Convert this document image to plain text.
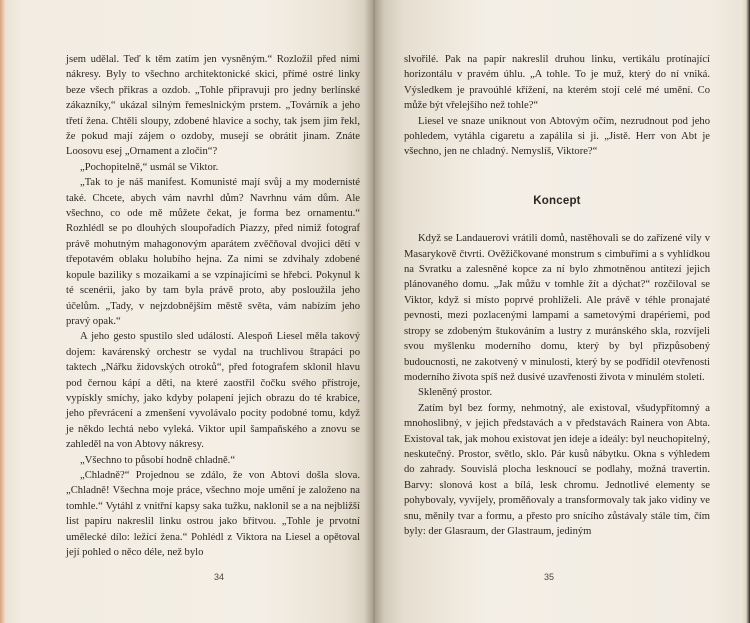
jsem udělal. Teď k těm zatím jen vysněným.“ Rozložil před nimi nákresy. Byly to všechno architektonické skici, přímé ostré linky beze všech přikras a ozdob. „Tohle připravuji pro jedny berlínské zákazníky,“ ukázal silným řemeslnickým prstem. „Továrník a jeho třetí žena. Chtěli sloupy, zdobené hlavice a sochy, tak jsem jim řekl, že pokud mají zájem o ozdoby, musejí se obrátit jinam. Znáte Loosovu esej „Ornament a zločin“?

„Pochopitelně,“ usmál se Viktor.

„Tak to je náš manifest. Komunisté mají svůj a my modernisté také. Chcete, abych vám navrhl dům? Navrhnu vám dům. Ale všechno, co ode mě můžete čekat, je forma bez ornamentu.“ Rozhlédl se po dlouhých sloupořadích Piazzy, před nimiž fotograf právě mohutným mahagonovým aparátem zvěčňoval dvojici dětí v třepotavém oblaku holubího hejna. Za nimi se zdvihaly zdobené kopule baziliky s mozaikami a se vzpínajícími se hřebci. Pokynul k té scenérii, jako by tam byla právě proto, aby posloužila jeho účelům. „Tady, v nejzdobnějším městě světa, vám nabízím jeho pravý opak.“

A jeho gesto spustilo sled událostí. Alespoň Liesel měla takový dojem: kavárenský orchestr se vydal na truchlivou štrapáci po taktech „Nářku židovských otroků“, před fotografem sklonil hlavu pod černou kápí a děti, na které zaostřil čočku svého přístroje, vypískly smíchy, jako kdyby polapení jejich obrazu do té krabice, jeho převrácení a zmenšení vyvolávalo pocity podobné tomu, když je někdo lechtá nebo vyleká. Viktor upil šampaňského a znovu se zahleděl na von Abtovy nákresy.

„Všechno to působí hodně chladně.“

„Chladně?“ Projednou se zdálo, že von Abtovi došla slova. „Chladně! Všechna moje práce, všechno moje umění je založeno na tomhle.“ Vytáhl z vnitřní kapsy saka tužku, naklonil se a na nejbližší list papíru nakreslil linku ostrou jako břitvou. „Tohle je prvotní umělecké dílo: ležící žena.“ Pohlédl z Viktora na Liesel a opětoval její pohled o něco déle, než bylo

34

slvořilé. Pak na papír nakreslil druhou linku, vertikálu protínající horizontálu v pravém úhlu. „A tohle. To je muž, který do ní vniká. Výsledkem je pravoúhlé křížení, na kterém stojí celé mé umění. Co může být vřelejšího než tohle?“

Liesel ve snaze uniknout von Abtovým očím, nezrudnout pod jeho pohledem, vytáhla cigaretu a zapálila si ji. „Jistě. Herr von Abt je všechno, jen ne chladný. Nemyslíš, Viktore?“

Koncept

Když se Landauerovi vrátili domů, nastěhovali se do zařízené vily v Masarykově čtvrti. Ověžičkované monstrum s cimbuřími a s vyhlídkou na Svratku a zalesněné kopce za ní bylo zhmotněnou antitezí jejich plánovaného domu. „Jak můžu v tomhle žít a dýchat?“ rozčiloval se Viktor, když si místo poprvé prohlíželi. Ale právě v téhle pronajaté pevnosti, mezi pozlacenými lampami a sametovými drapériemi, pod stropy se zdobeným štukováním a lustry z muránského skla, rozvíjeli svou myšlenku moderního domu, který by byl přizpůsobený budoucnosti, ne zakotvený v minulosti, který by se podřídil otevřenosti moderního života spíš než dusivé uzavřenosti života v minulém století.

Skleněný prostor.

Zatím byl bez formy, nehmotný, ale existoval, všudypřítomný a mnohoslibný, v jejich představách a v představách Rainera von Abta. Existoval tak, jak mohou existovat jen ideje a ideály: byl neuchopitelný, neskutečný. Prostor, světlo, sklo. Pár kusů nábytku. Okna s výhledem do zahrady. Souvislá plocha lesknoucí se podlahy, možná travertin. Barvy: slonová kost a bílá, lesk chromu. Jednotlivé elementy se pohybovaly, vyvíjely, proměňovaly a transformovaly tak jako vidiny ve snu, měnily tvar a formu, a přesto pro snícího zůstávaly stále tím, čím byly: der Glasraum, der Glastraum, jediným

35
